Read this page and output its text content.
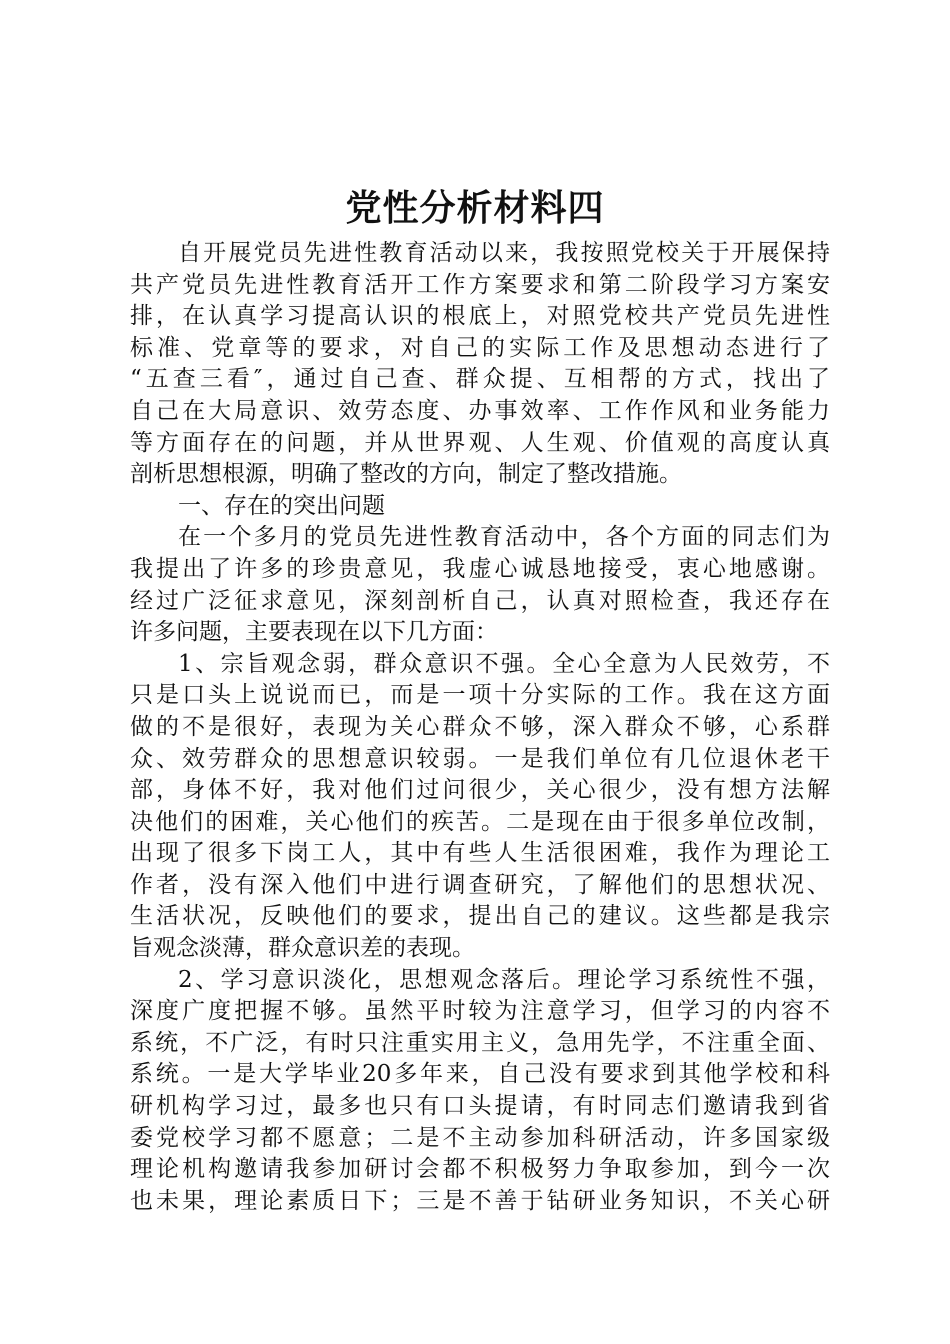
党性分析材料四
自开展党员先进性教育活动以来，我按照党校关于开展保持
共产党员先进性教育活开工作方案要求和第二阶段学习方案安
排，在认真学习提高认识的根底上，对照党校共产党员先进性
标准、党章等的要求，对自己的实际工作及思想动态进行了
“五查三看″，通过自己查、群众提、互相帮的方式，找出了
自己在大局意识、效劳态度、办事效率、工作作风和业务能力
等方面存在的问题，并从世界观、人生观、价值观的高度认真
剖析思想根源，明确了整改的方向，制定了整改措施。
一、存在的突出问题
在一个多月的党员先进性教育活动中，各个方面的同志们为
我提出了许多的珍贵意见，我虚心诚恳地接受，衷心地感谢。
经过广泛征求意见，深刻剖析自己，认真对照检查，我还存在
许多问题，主要表现在以下几方面：
1、宗旨观念弱，群众意识不强。全心全意为人民效劳，不
只是口头上说说而已，而是一项十分实际的工作。我在这方面
做的不是很好，表现为关心群众不够，深入群众不够，心系群
众、效劳群众的思想意识较弱。一是我们单位有几位退休老干
部，身体不好，我对他们过问很少，关心很少，没有想方法解
决他们的困难，关心他们的疾苦。二是现在由于很多单位改制，
出现了很多下岗工人，其中有些人生活很困难，我作为理论工
作者，没有深入他们中进行调查研究，了解他们的思想状况、
生活状况，反映他们的要求，提出自己的建议。这些都是我宗
旨观念淡薄，群众意识差的表现。
2、学习意识淡化，思想观念落后。理论学习系统性不强，
深度广度把握不够。虽然平时较为注意学习，但学习的内容不
系统，不广泛，有时只注重实用主义，急用先学，不注重全面、
系统。一是大学毕业20多年来，自己没有要求到其他学校和科
研机构学习过，最多也只有口头提请，有时同志们邀请我到省
委党校学习都不愿意；二是不主动参加科研活动，许多国家级
理论机构邀请我参加研讨会都不积极努力争取参加，到今一次
也未果，理论素质日下；三是不善于钻研业务知识，不关心研
